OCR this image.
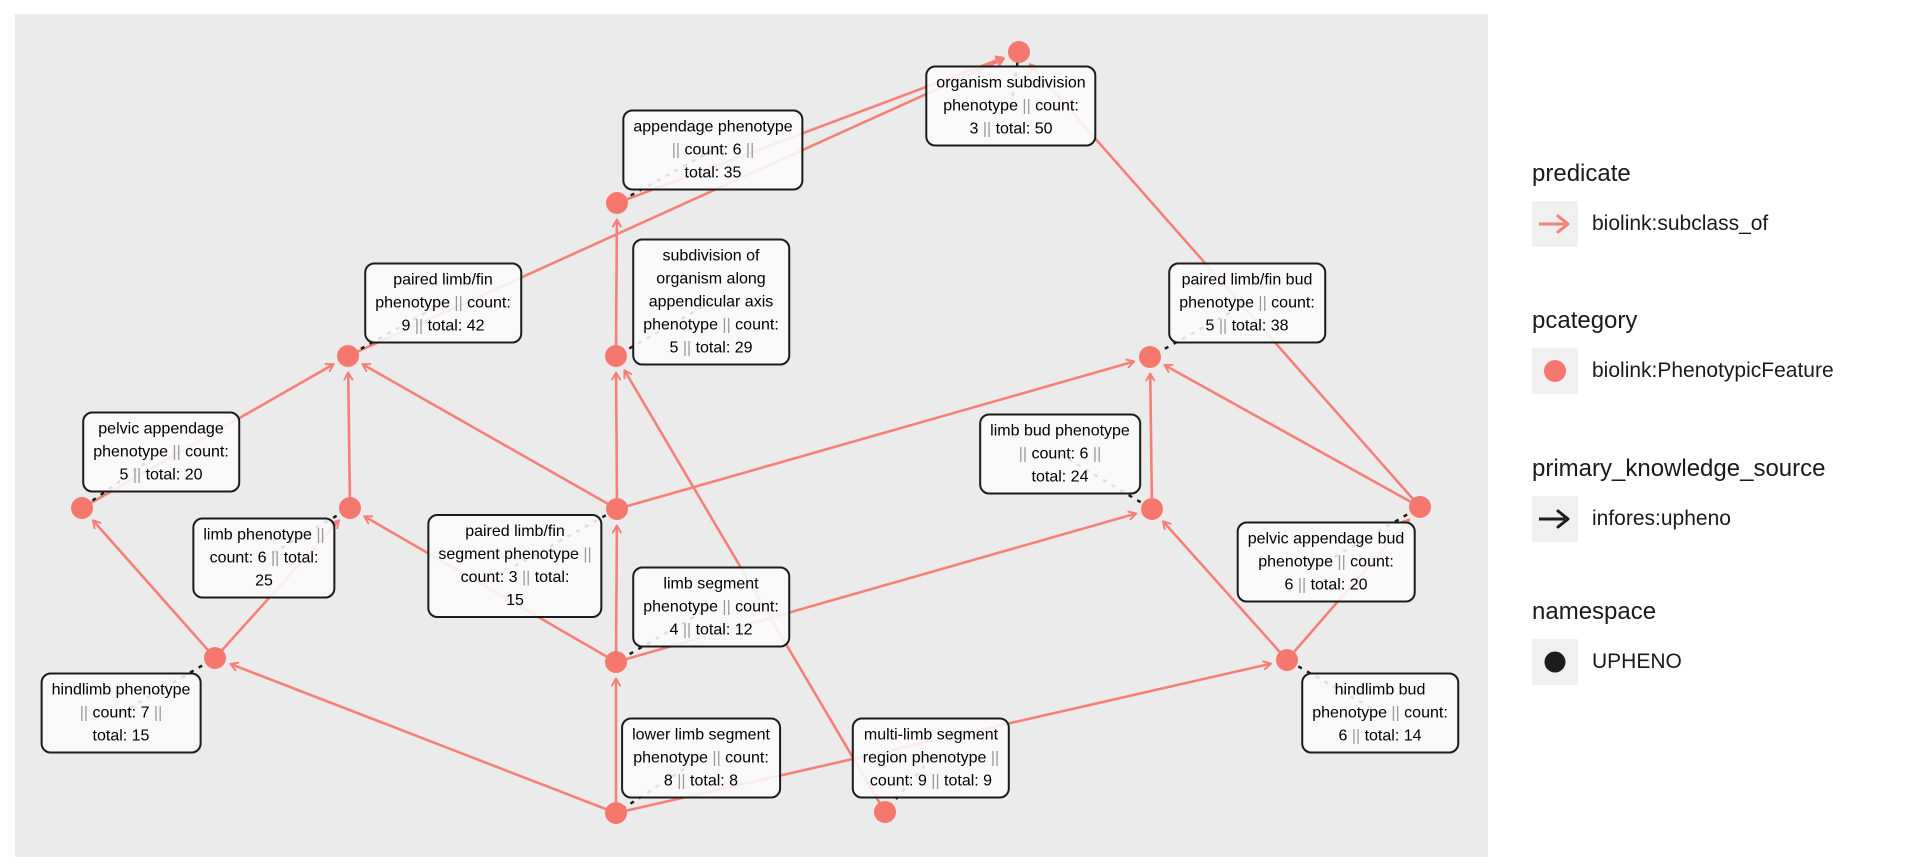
organism subdivision
phenotype || count:
3 || total: 50
appendage phenotype
|| count: 6 ||
total: 35
paired limb/fin
phenotype || count:
9 || total: 42
subdivision of
organism along
appendicular axis
phenotype || count:
5 || total: 29
paired limb/fin bud
phenotype || count:
5 || total: 38
pelvic appendage
phenotype || count:
5 || total: 20
limb phenotype ||
count: 6 || total:
25
paired limb/fin
segment phenotype ||
count: 3 || total:
15
limb bud phenotype
|| count: 6 ||
total: 24
pelvic appendage bud
phenotype || count:
6 || total: 20
limb segment
phenotype || count:
4 || total: 12
hindlimb phenotype
|| count: 7 ||
total: 15
hindlimb bud
phenotype || count:
6 || total: 14
lower limb segment
phenotype || count:
8 || total: 8
multi-limb segment
region phenotype ||
count: 9 || total: 9
predicate
biolink:subclass_of
pcategory
biolink:PhenotypicFeature
primary_knowledge_source
infores:upheno
namespace
UPHENO
